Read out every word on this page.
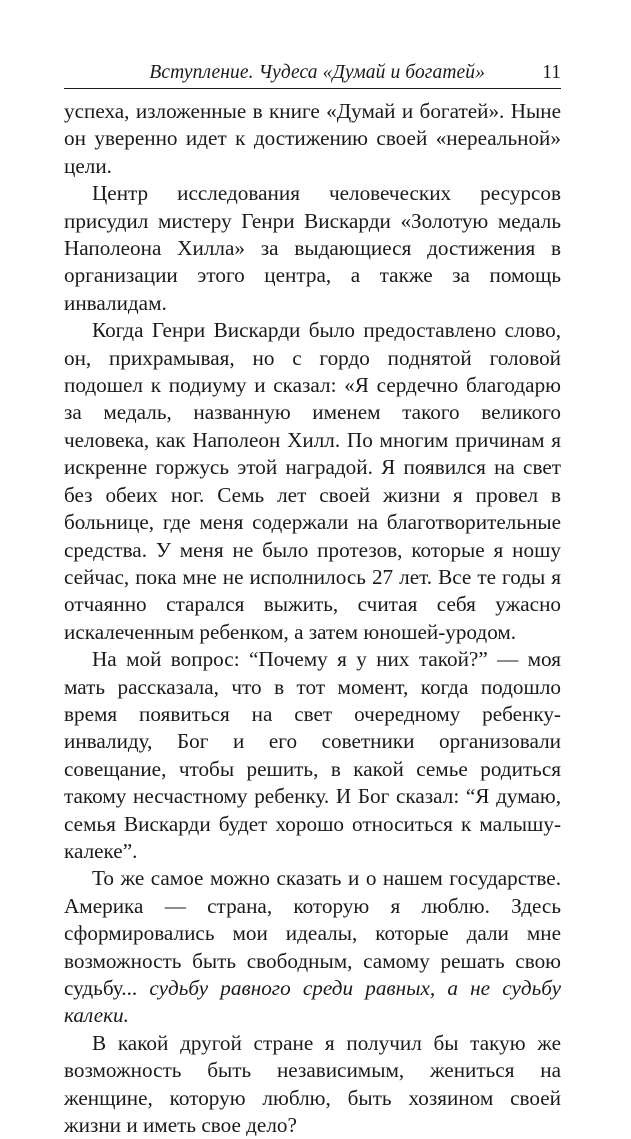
Вступление. Чудеса «Думай и богатей»	11

успеха, изложенные в книге «Думай и богатей». Ныне он уверенно идет к достижению своей «нереальной» цели.

Центр исследования человеческих ресурсов присудил мистеру Генри Вискарди «Золотую медаль Наполеона Хилла» за выдающиеся достижения в организации этого центра, а также за помощь инвалидам.

Когда Генри Вискарди было предоставлено слово, он, прихрамывая, но с гордо поднятой головой подошел к подиуму и сказал: «Я сердечно благодарю за медаль, названную именем такого великого человека, как Наполеон Хилл. По многим причинам я искренне горжусь этой наградой. Я появился на свет без обеих ног. Семь лет своей жизни я провел в больнице, где меня содержали на благотворительные средства. У меня не было протезов, которые я ношу сейчас, пока мне не исполнилось 27 лет. Все те годы я отчаянно старался выжить, считая себя ужасно искалеченным ребенком, а затем юношей-уродом.

На мой вопрос: “Почему я у них такой?” — моя мать рассказала, что в тот момент, когда подошло время появиться на свет очередному ребенку-инвалиду, Бог и его советники организовали совещание, чтобы решить, в какой семье родиться такому несчастному ребенку. И Бог сказал: “Я думаю, семья Вискарди будет хорошо относиться к малышу-калеке”.

То же самое можно сказать и о нашем государстве. Америка — страна, которую я люблю. Здесь сформировались мои идеалы, которые дали мне возможность быть свободным, самому решать свою судьбу... судьбу равного среди равных, а не судьбу калеки.

В какой другой стране я получил бы такую же возможность быть независимым, жениться на женщине, которую люблю, быть хозяином своей жизни и иметь свое дело?
